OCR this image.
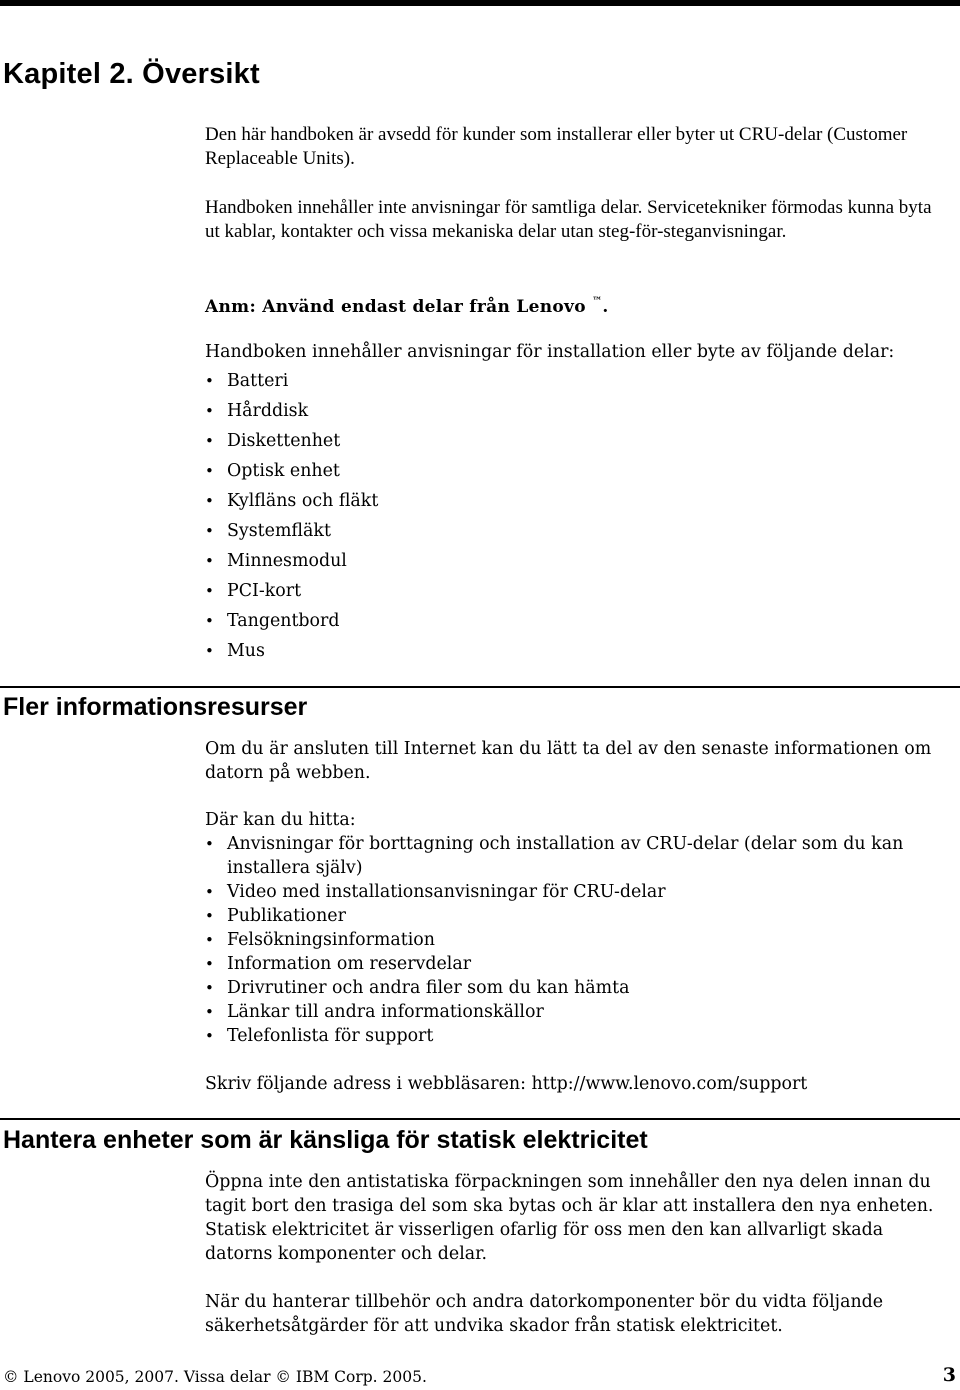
Kapitel 2. Översikt

Den här handboken är avsedd för kunder som installerar eller byter ut CRU-delar (Customer Replaceable Units).

Handboken innehåller inte anvisningar för samtliga delar. Servicetekniker förmodas kunna byta ut kablar, kontakter och vissa mekaniska delar utan steg-för-steganvisningar.

Anm: Använd endast delar från Lenovo ™.

Handboken innehåller anvisningar för installation eller byte av följande delar:

• Batteri
• Hårddisk
• Diskettenhet
• Optisk enhet
• Kylfläns och fläkt
• Systemfläkt
• Minnesmodul
• PCI-kort
• Tangentbord
• Mus
Fler informationsresurser

Om du är ansluten till Internet kan du lätt ta del av den senaste informationen om datorn på webben.

Där kan du hitta:

• Anvisningar för borttagning och installation av CRU-delar (delar som du kan installera själv)
• Video med installationsanvisningar för CRU-delar
• Publikationer
• Felsökningsinformation
• Information om reservdelar
• Drivrutiner och andra filer som du kan hämta
• Länkar till andra informationskällor
• Telefonlista för support

Skriv följande adress i webbläsaren: http://www.lenovo.com/support

Hantera enheter som är känsliga för statisk elektricitet

Öppna inte den antistatiska förpackningen som innehåller den nya delen innan du tagit bort den trasiga del som ska bytas och är klar att installera den nya enheten. Statisk elektricitet är visserligen ofarlig för oss men den kan allvarligt skada datorns komponenter och delar.

När du hanterar tillbehör och andra datorkomponenter bör du vidta följande säkerhetsåtgärder för att undvika skador från statisk elektricitet.

© Lenovo 2005, 2007. Vissa delar © IBM Corp. 2005.	3
